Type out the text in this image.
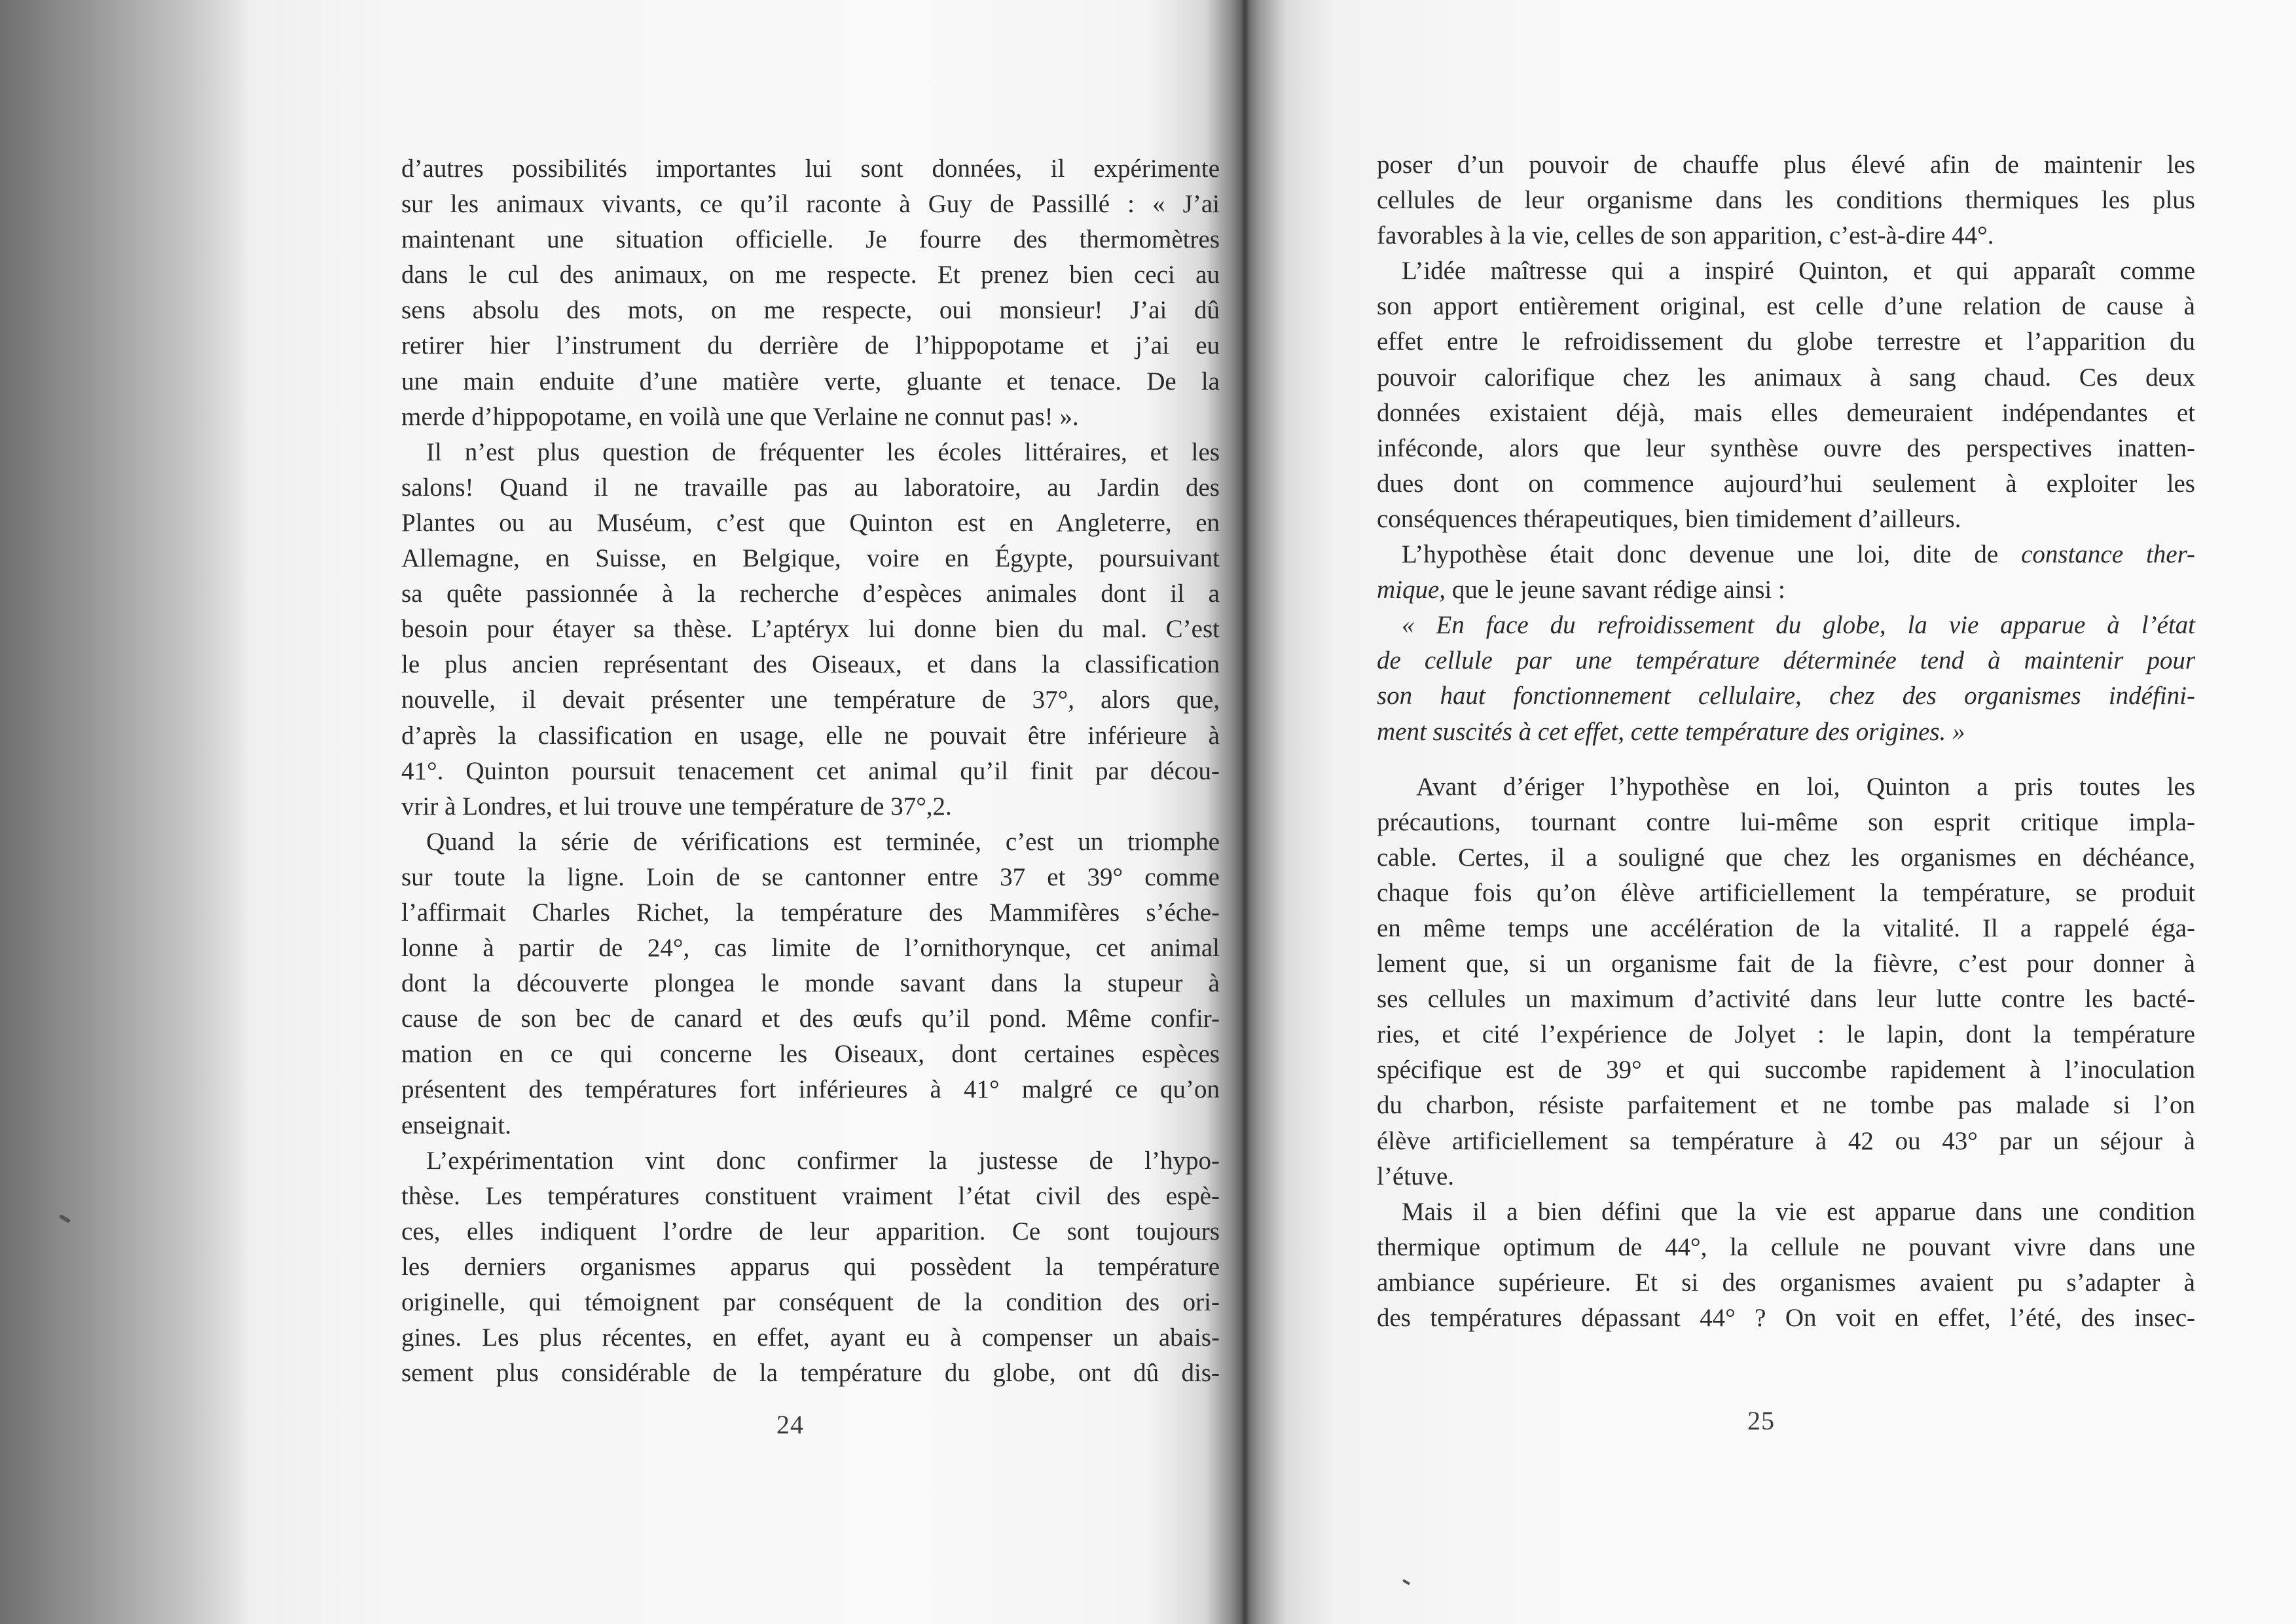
d’autres possibilités importantes lui sont données, il expérimente
sur les animaux vivants, ce qu’il raconte à Guy de Passillé : « J’ai
maintenant une situation officielle. Je fourre des thermomètres
dans le cul des animaux, on me respecte. Et prenez bien ceci au
sens absolu des mots, on me respecte, oui monsieur! J’ai dû
retirer hier l’instrument du derrière de l’hippopotame et j’ai eu
une main enduite d’une matière verte, gluante et tenace. De la
merde d’hippopotame, en voilà une que Verlaine ne connut pas! ».
Il n’est plus question de fréquenter les écoles littéraires, et les
salons! Quand il ne travaille pas au laboratoire, au Jardin des
Plantes ou au Muséum, c’est que Quinton est en Angleterre, en
Allemagne, en Suisse, en Belgique, voire en Égypte, poursuivant
sa quête passionnée à la recherche d’espèces animales dont il a
besoin pour étayer sa thèse. L’aptéryx lui donne bien du mal. C’est
le plus ancien représentant des Oiseaux, et dans la classification
nouvelle, il devait présenter une température de 37°, alors que,
d’après la classification en usage, elle ne pouvait être inférieure à
41°. Quinton poursuit tenacement cet animal qu’il finit par décou-
vrir à Londres, et lui trouve une température de 37°,2.
Quand la série de vérifications est terminée, c’est un triomphe
sur toute la ligne. Loin de se cantonner entre 37 et 39° comme
l’affirmait Charles Richet, la température des Mammifères s’éche-
lonne à partir de 24°, cas limite de l’ornithorynque, cet animal
dont la découverte plongea le monde savant dans la stupeur à
cause de son bec de canard et des œufs qu’il pond. Même confir-
mation en ce qui concerne les Oiseaux, dont certaines espèces
présentent des températures fort inférieures à 41° malgré ce qu’on
enseignait.
L’expérimentation vint donc confirmer la justesse de l’hypo-
thèse. Les températures constituent vraiment l’état civil des espè-
ces, elles indiquent l’ordre de leur apparition. Ce sont toujours
les derniers organismes apparus qui possèdent la température
originelle, qui témoignent par conséquent de la condition des ori-
gines. Les plus récentes, en effet, ayant eu à compenser un abais-
sement plus considérable de la température du globe, ont dû dis-
24
poser d’un pouvoir de chauffe plus élevé afin de maintenir les
cellules de leur organisme dans les conditions thermiques les plus
favorables à la vie, celles de son apparition, c’est-à-dire 44°.
L’idée maîtresse qui a inspiré Quinton, et qui apparaît comme
son apport entièrement original, est celle d’une relation de cause à
effet entre le refroidissement du globe terrestre et l’apparition du
pouvoir calorifique chez les animaux à sang chaud. Ces deux
données existaient déjà, mais elles demeuraient indépendantes et
inféconde, alors que leur synthèse ouvre des perspectives inatten-
dues dont on commence aujourd’hui seulement à exploiter les
conséquences thérapeutiques, bien timidement d’ailleurs.
L’hypothèse était donc devenue une loi, dite de constance ther-
mique, que le jeune savant rédige ainsi :
« En face du refroidissement du globe, la vie apparue à l’état
de cellule par une température déterminée tend à maintenir pour
son haut fonctionnement cellulaire, chez des organismes indéfini-
ment suscités à cet effet, cette température des origines. »
Avant d’ériger l’hypothèse en loi, Quinton a pris toutes les
précautions, tournant contre lui-même son esprit critique impla-
cable. Certes, il a souligné que chez les organismes en déchéance,
chaque fois qu’on élève artificiellement la température, se produit
en même temps une accélération de la vitalité. Il a rappelé éga-
lement que, si un organisme fait de la fièvre, c’est pour donner à
ses cellules un maximum d’activité dans leur lutte contre les bacté-
ries, et cité l’expérience de Jolyet : le lapin, dont la température
spécifique est de 39° et qui succombe rapidement à l’inoculation
du charbon, résiste parfaitement et ne tombe pas malade si l’on
élève artificiellement sa température à 42 ou 43° par un séjour à
l’étuve.
Mais il a bien défini que la vie est apparue dans une condition
thermique optimum de 44°, la cellule ne pouvant vivre dans une
ambiance supérieure. Et si des organismes avaient pu s’adapter à
des températures dépassant 44° ? On voit en effet, l’été, des insec-
25
